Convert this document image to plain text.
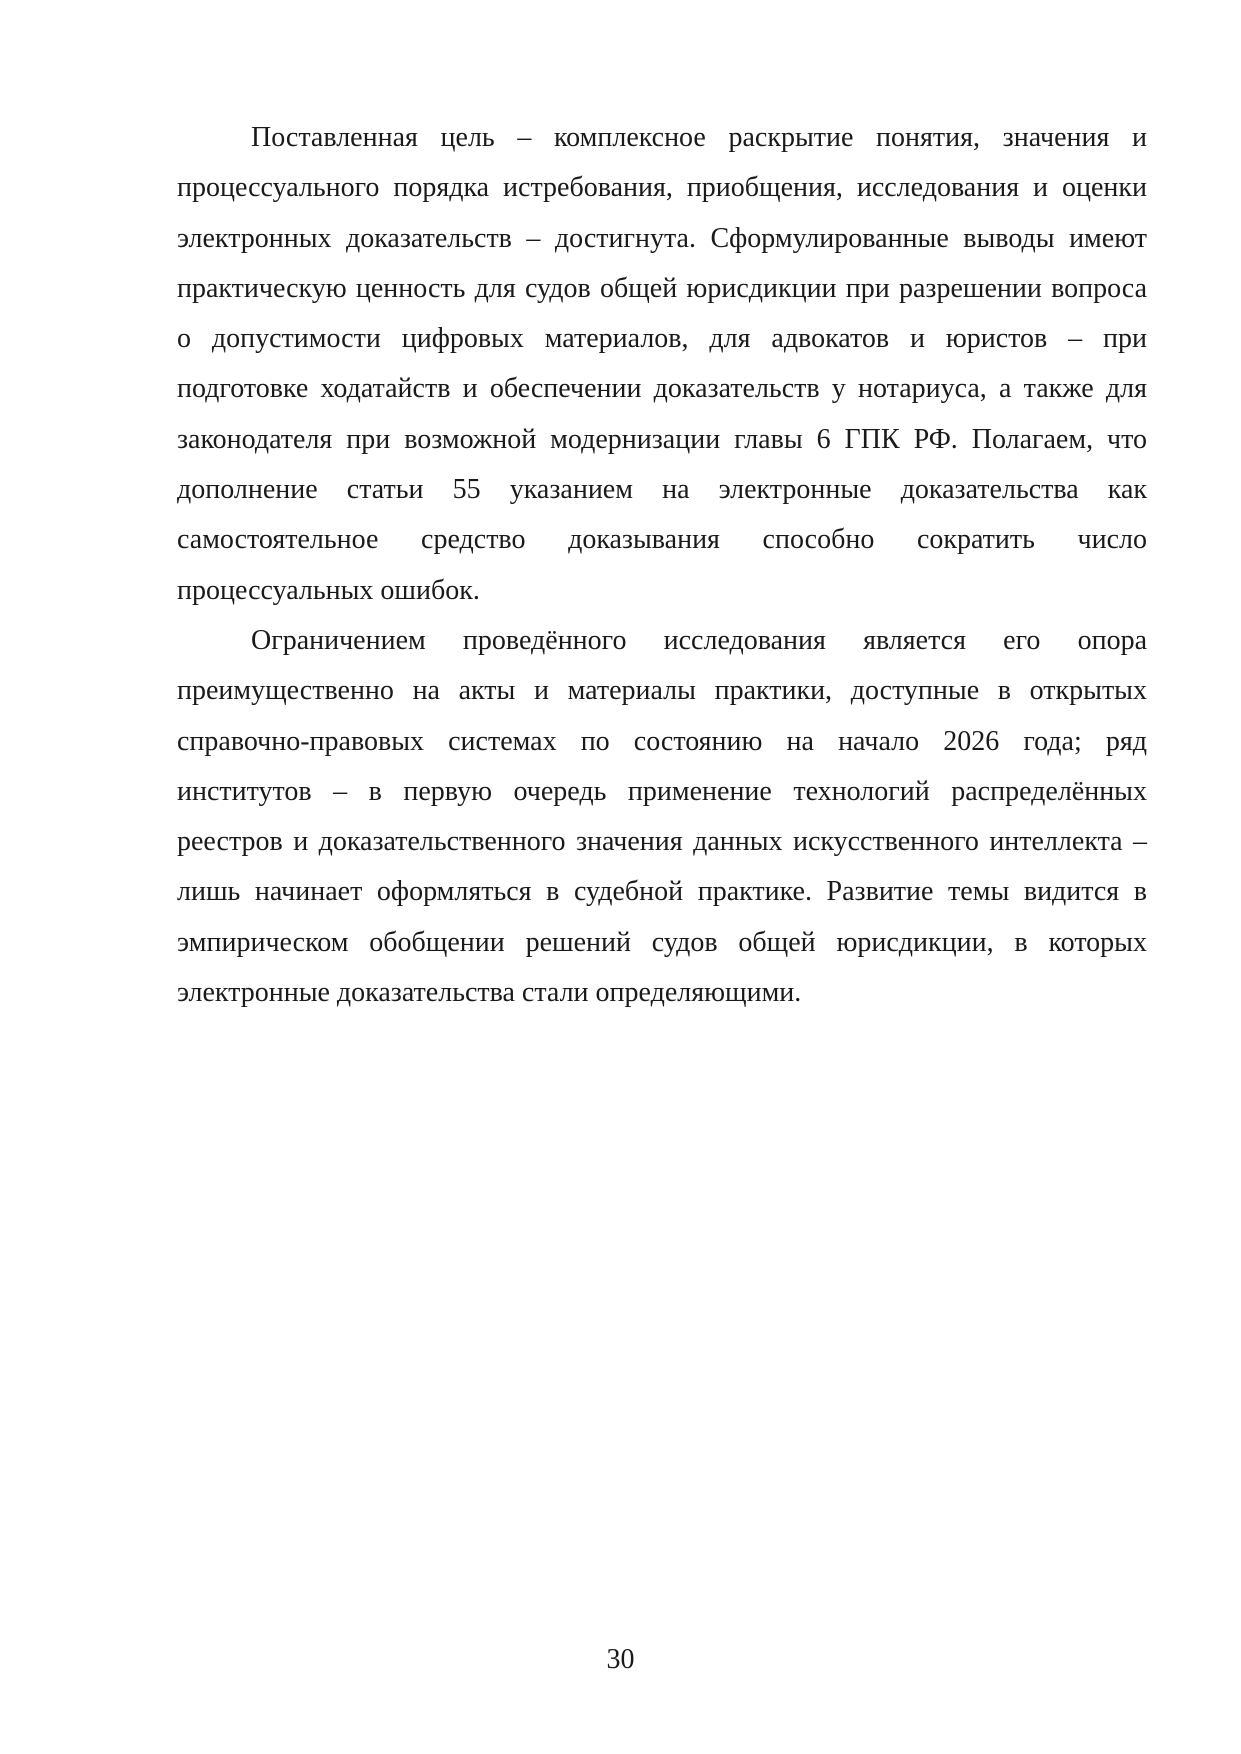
Поставленная цель – комплексное раскрытие понятия, значения и процессуального порядка истребования, приобщения, исследования и оценки электронных доказательств – достигнута. Сформулированные выводы имеют практическую ценность для судов общей юрисдикции при разрешении вопроса о допустимости цифровых материалов, для адвокатов и юристов – при подготовке ходатайств и обеспечении доказательств у нотариуса, а также для законодателя при возможной модернизации главы 6 ГПК РФ. Полагаем, что дополнение статьи 55 указанием на электронные доказательства как самостоятельное средство доказывания способно сократить число процессуальных ошибок.

Ограничением проведённого исследования является его опора преимущественно на акты и материалы практики, доступные в открытых справочно-правовых системах по состоянию на начало 2026 года; ряд институтов – в первую очередь применение технологий распределённых реестров и доказательственного значения данных искусственного интеллекта – лишь начинает оформляться в судебной практике. Развитие темы видится в эмпирическом обобщении решений судов общей юрисдикции, в которых электронные доказательства стали определяющими.

30
